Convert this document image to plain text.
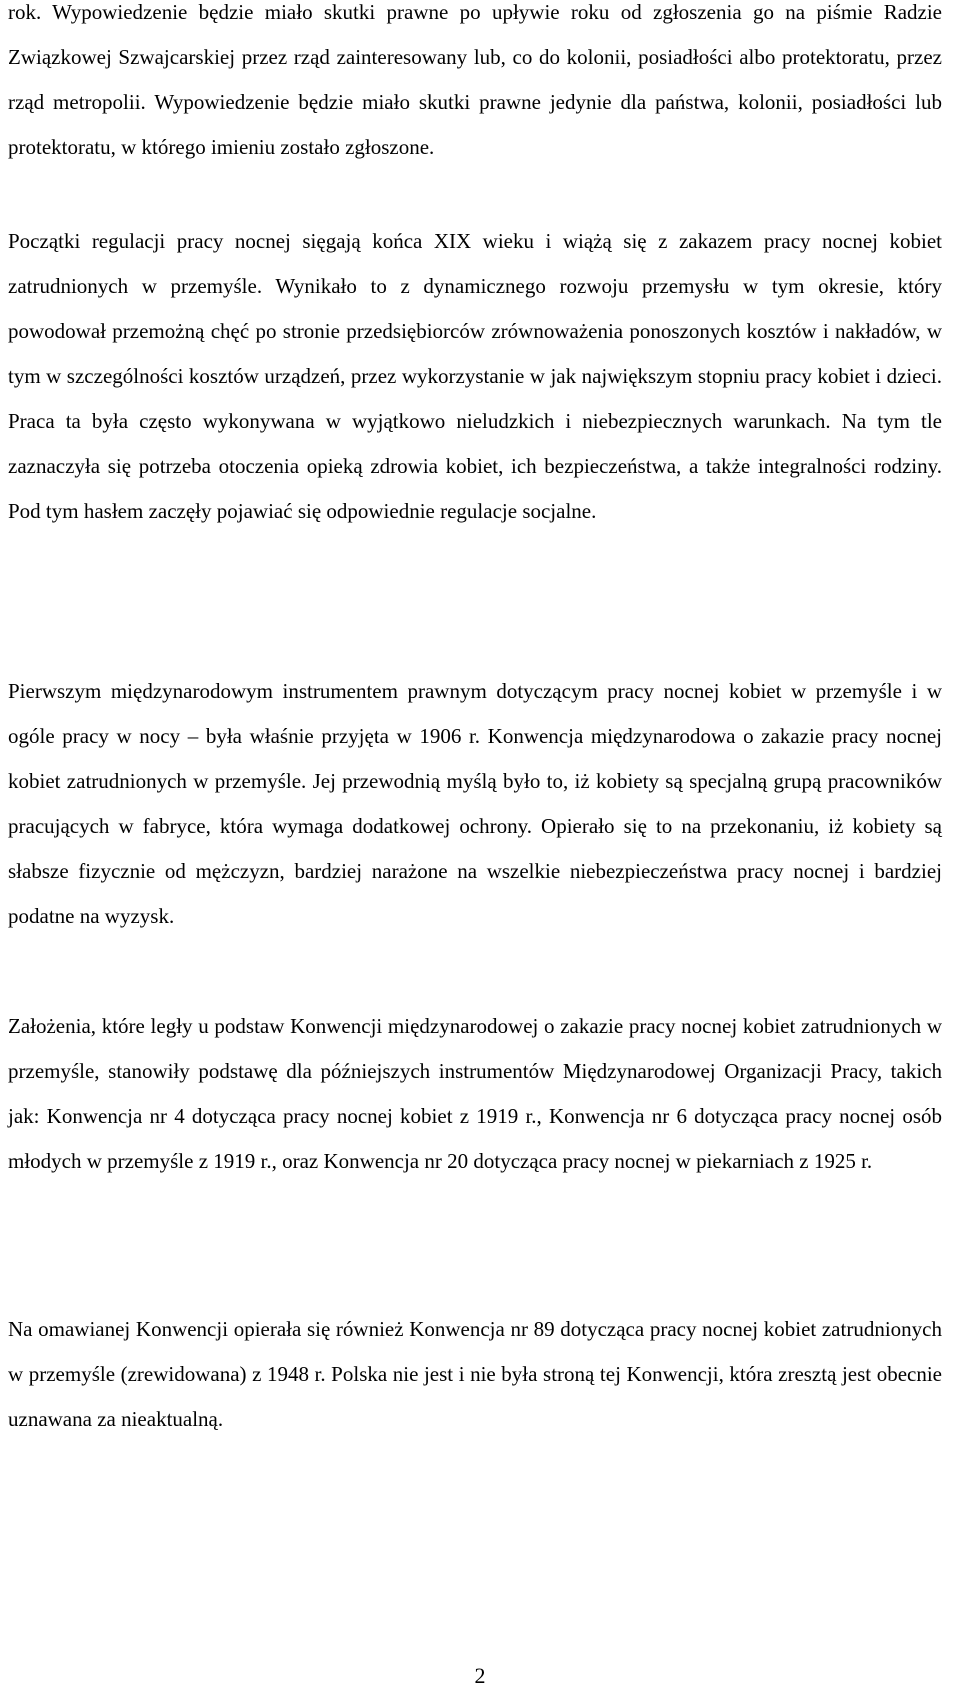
rok. Wypowiedzenie będzie miało skutki prawne po upływie roku od zgłoszenia go na piśmie Radzie Związkowej Szwajcarskiej przez rząd zainteresowany lub, co do kolonii, posiadłości albo protektoratu, przez rząd metropolii. Wypowiedzenie będzie miało skutki prawne jedynie dla państwa, kolonii, posiadłości lub protektoratu, w którego imieniu zostało zgłoszone.

Początki regulacji pracy nocnej sięgają końca XIX wieku i wiążą się z zakazem pracy nocnej kobiet zatrudnionych w przemyśle. Wynikało to z dynamicznego rozwoju przemysłu w tym okresie, który powodował przemożną chęć po stronie przedsiębiorców zrównoważenia ponoszonych kosztów i nakładów, w tym w szczególności kosztów urządzeń, przez wykorzystanie w jak największym stopniu pracy kobiet i dzieci. Praca ta była często wykonywana w wyjątkowo nieludzkich i niebezpiecznych warunkach. Na tym tle zaznaczyła się potrzeba otoczenia opieką zdrowia kobiet, ich bezpieczeństwa, a także integralności rodziny. Pod tym hasłem zaczęły pojawiać się odpowiednie regulacje socjalne.

Pierwszym międzynarodowym instrumentem prawnym dotyczącym pracy nocnej kobiet w przemyśle i w ogóle pracy w nocy – była właśnie przyjęta w 1906 r. Konwencja międzynarodowa o zakazie pracy nocnej kobiet zatrudnionych w przemyśle. Jej przewodnią myślą było to, iż kobiety są specjalną grupą pracowników pracujących w fabryce, która wymaga dodatkowej ochrony. Opierało się to na przekonaniu, iż kobiety są słabsze fizycznie od mężczyzn, bardziej narażone na wszelkie niebezpieczeństwa pracy nocnej i bardziej podatne na wyzysk.

Założenia, które legły u podstaw Konwencji międzynarodowej o zakazie pracy nocnej kobiet zatrudnionych w przemyśle, stanowiły podstawę dla późniejszych instrumentów Międzynarodowej Organizacji Pracy, takich jak: Konwencja nr 4 dotycząca pracy nocnej kobiet z 1919 r., Konwencja nr 6 dotycząca pracy nocnej osób młodych w przemyśle z 1919 r., oraz Konwencja nr 20 dotycząca pracy nocnej w piekarniach z 1925 r.

Na omawianej Konwencji opierała się również Konwencja nr 89 dotycząca pracy nocnej kobiet zatrudnionych w przemyśle (zrewidowana) z 1948 r. Polska nie jest i nie była stroną tej Konwencji, która zresztą jest obecnie uznawana za nieaktualną.

2
